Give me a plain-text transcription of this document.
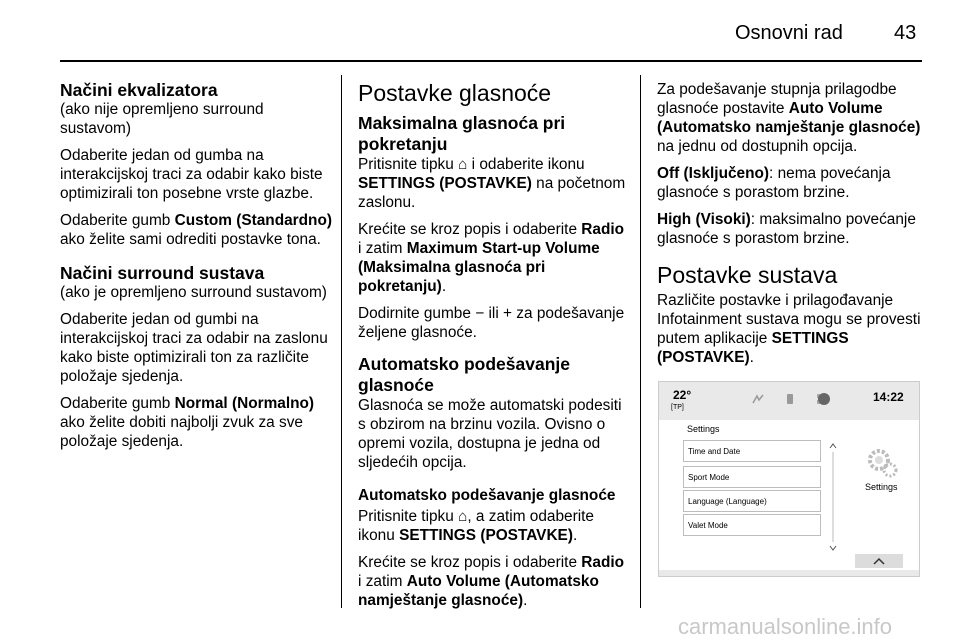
Osnovni rad	43
Načini ekvalizatora

(ako nije opremljeno surround sustavom)

Odaberite jedan od gumba na interakcijskoj traci za odabir kako biste optimizirali ton posebne vrste glazbe.

Odaberite gumb Custom (Standardno) ako želite sami odrediti postavke tona.

Načini surround sustava

(ako je opremljeno surround sustavom)

Odaberite jedan od gumbi na interakcijskoj traci za odabir na zaslonu kako biste optimizirali ton za različite položaje sjedenja.

Odaberite gumb Normal (Normalno) ako želite dobiti najbolji zvuk za sve položaje sjedenja.

Postavke glasnoće
Maksimalna glasnoća pri pokretanju

Pritisnite tipku ⌂ i odaberite ikonu SETTINGS (POSTAVKE) na početnom zaslonu.

Krećite se kroz popis i odaberite Radio i zatim Maximum Start-up Volume (Maksimalna glasnoća pri pokretanju).

Dodirnite gumbe − ili + za podešavanje željene glasnoće.

Automatsko podešavanje glasnoće

Glasnoća se može automatski podesiti s obzirom na brzinu vozila. Ovisno o opremi vozila, dostupna je jedna od sljedećih opcija.

Automatsko podešavanje glasnoće

Pritisnite tipku ⌂, a zatim odaberite ikonu SETTINGS (POSTAVKE).

Krećite se kroz popis i odaberite Radio i zatim Auto Volume (Automatsko namještanje glasnoće).

Za podešavanje stupnja prilagodbe glasnoće postavite Auto Volume (Automatsko namještanje glasnoće) na jednu od dostupnih opcija.

Off (Isključeno): nema povećanja glasnoće s porastom brzine.

High (Visoki): maksimalno povećanje glasnoće s porastom brzine.

Postavke sustava

Različite postavke i prilagođavanje Infotainment sustava mogu se provesti putem aplikacije SETTINGS (POSTAVKE).

22°
[TP]
14:22
Settings
Time and Date
Sport Mode
Language (Language)
Valet Mode
Settings
carmanualsonline.info
